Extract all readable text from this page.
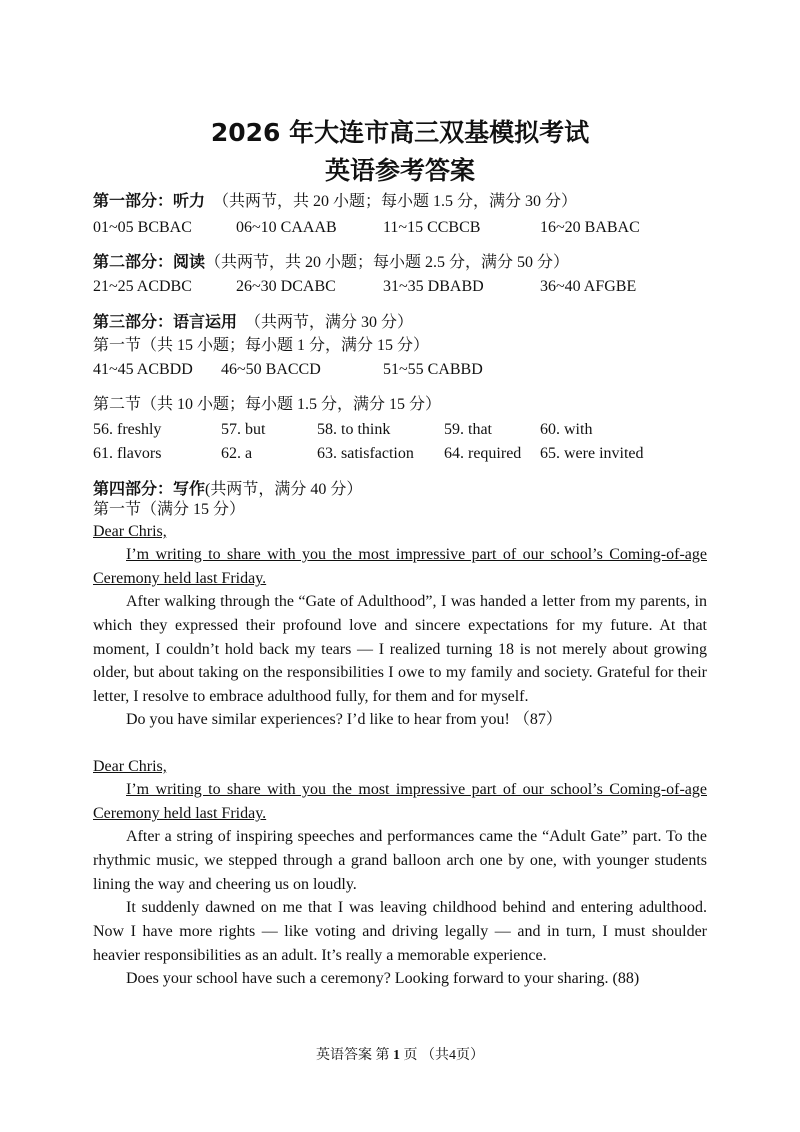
2026 年大连市高三双基模拟考试
英语参考答案
第一部分：听力 （共两节，共 20 小题；每小题 1.5 分，满分 30 分）
01~05 BCBAC	06~10 CAAAB	11~15 CCBCB	16~20 BABAC
第二部分：阅读（共两节，共 20 小题；每小题 2.5 分，满分 50 分）
21~25 ACDBC	26~30 DCABC	31~35 DBABD	36~40 AFGBE
第三部分：语言运用 （共两节，满分 30 分）
第一节（共 15 小题；每小题 1 分，满分 15 分）
41~45 ACBDD 46~50 BACCD	51~55 CABBD
第二节（共 10 小题；每小题 1.5 分，满分 15 分）
56. freshly	57. but	58. to think	59. that	60. with
61. flavors	62. a	63. satisfaction 64. required 65. were invited
第四部分：写作(共两节，满分 40 分）
第一节（满分 15 分）
Dear Chris,
I’m writing to share with you the most impressive part of our school’s Coming-of-age Ceremony held last Friday.
After walking through the “Gate of Adulthood”, I was handed a letter from my parents, in which they expressed their profound love and sincere expectations for my future. At that moment, I couldn’t hold back my tears — I realized turning 18 is not merely about growing older, but about taking on the responsibilities I owe to my family and society. Grateful for their letter, I resolve to embrace adulthood fully, for them and for myself.
Do you have similar experiences? I’d like to hear from you! （87）
Dear Chris,
I’m writing to share with you the most impressive part of our school’s Coming-of-age Ceremony held last Friday.
After a string of inspiring speeches and performances came the “Adult Gate” part. To the rhythmic music, we stepped through a grand balloon arch one by one, with younger students lining the way and cheering us on loudly.
It suddenly dawned on me that I was leaving childhood behind and entering adulthood. Now I have more rights — like voting and driving legally — and in turn, I must shoulder heavier responsibilities as an adult. It’s really a memorable experience.
Does your school have such a ceremony? Looking forward to your sharing. (88)
英语答案 第 1 页 （共4页）
